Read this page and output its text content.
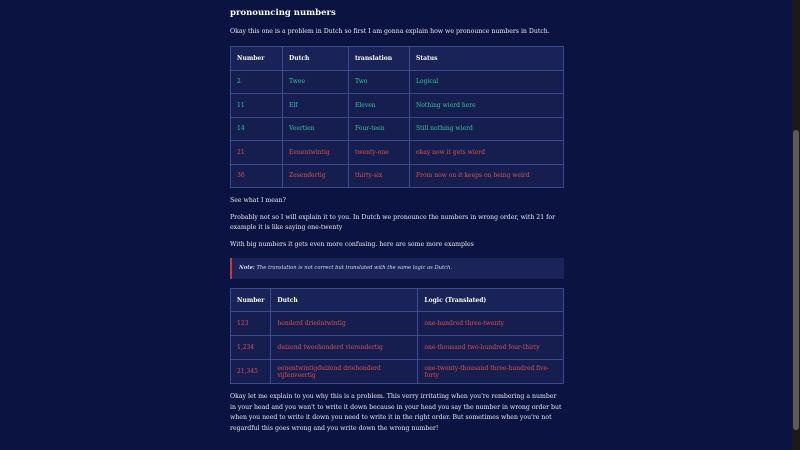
pronouncing numbers

Okay this one is a problem in Dutch so first I am gonna explain how we pronounce numbers in Dutch.

Number	Dutch	translation	Status
2	Twee	Two	Logical
11	Elf	Eleven	Nothing wierd here
14	Veertien	Four-teen	Still nothing wierd
21	Eenentwintig	twenty-one	okay now it gets wierd
36	Zesendertig	thirty-six	From now on it keeps on being weird

See what I mean?

Probably not so I will explain it to you. In Dutch we pronounce the numbers in wrong order, with 21 for example it is like saying one-twenty

With big numbers it gets even more confusing. here are some more examples

Note: The translation is not correct but translated with the same logic as Dutch.
Number	Dutch	Logic (Translated)
123	honderd drieëntwintig	one-hundred three-twenty
1,234	duizend tweehonderd vierendertig	one-thousand two-hundred four-thirty
21,345	eenentwintigduizend driehonderd vijfenveertig	one-twenty-thousand three-hundred five-forty

Okay let me explain to you why this is a problem. This verry irritating when you're rembering a number in your head and you wan't to write it down because in your head you say the number in wrong order but when you need to write it down you need to write it in the right order. But sometimes when you're not regardful this goes wrong and you write down the wrong number!
